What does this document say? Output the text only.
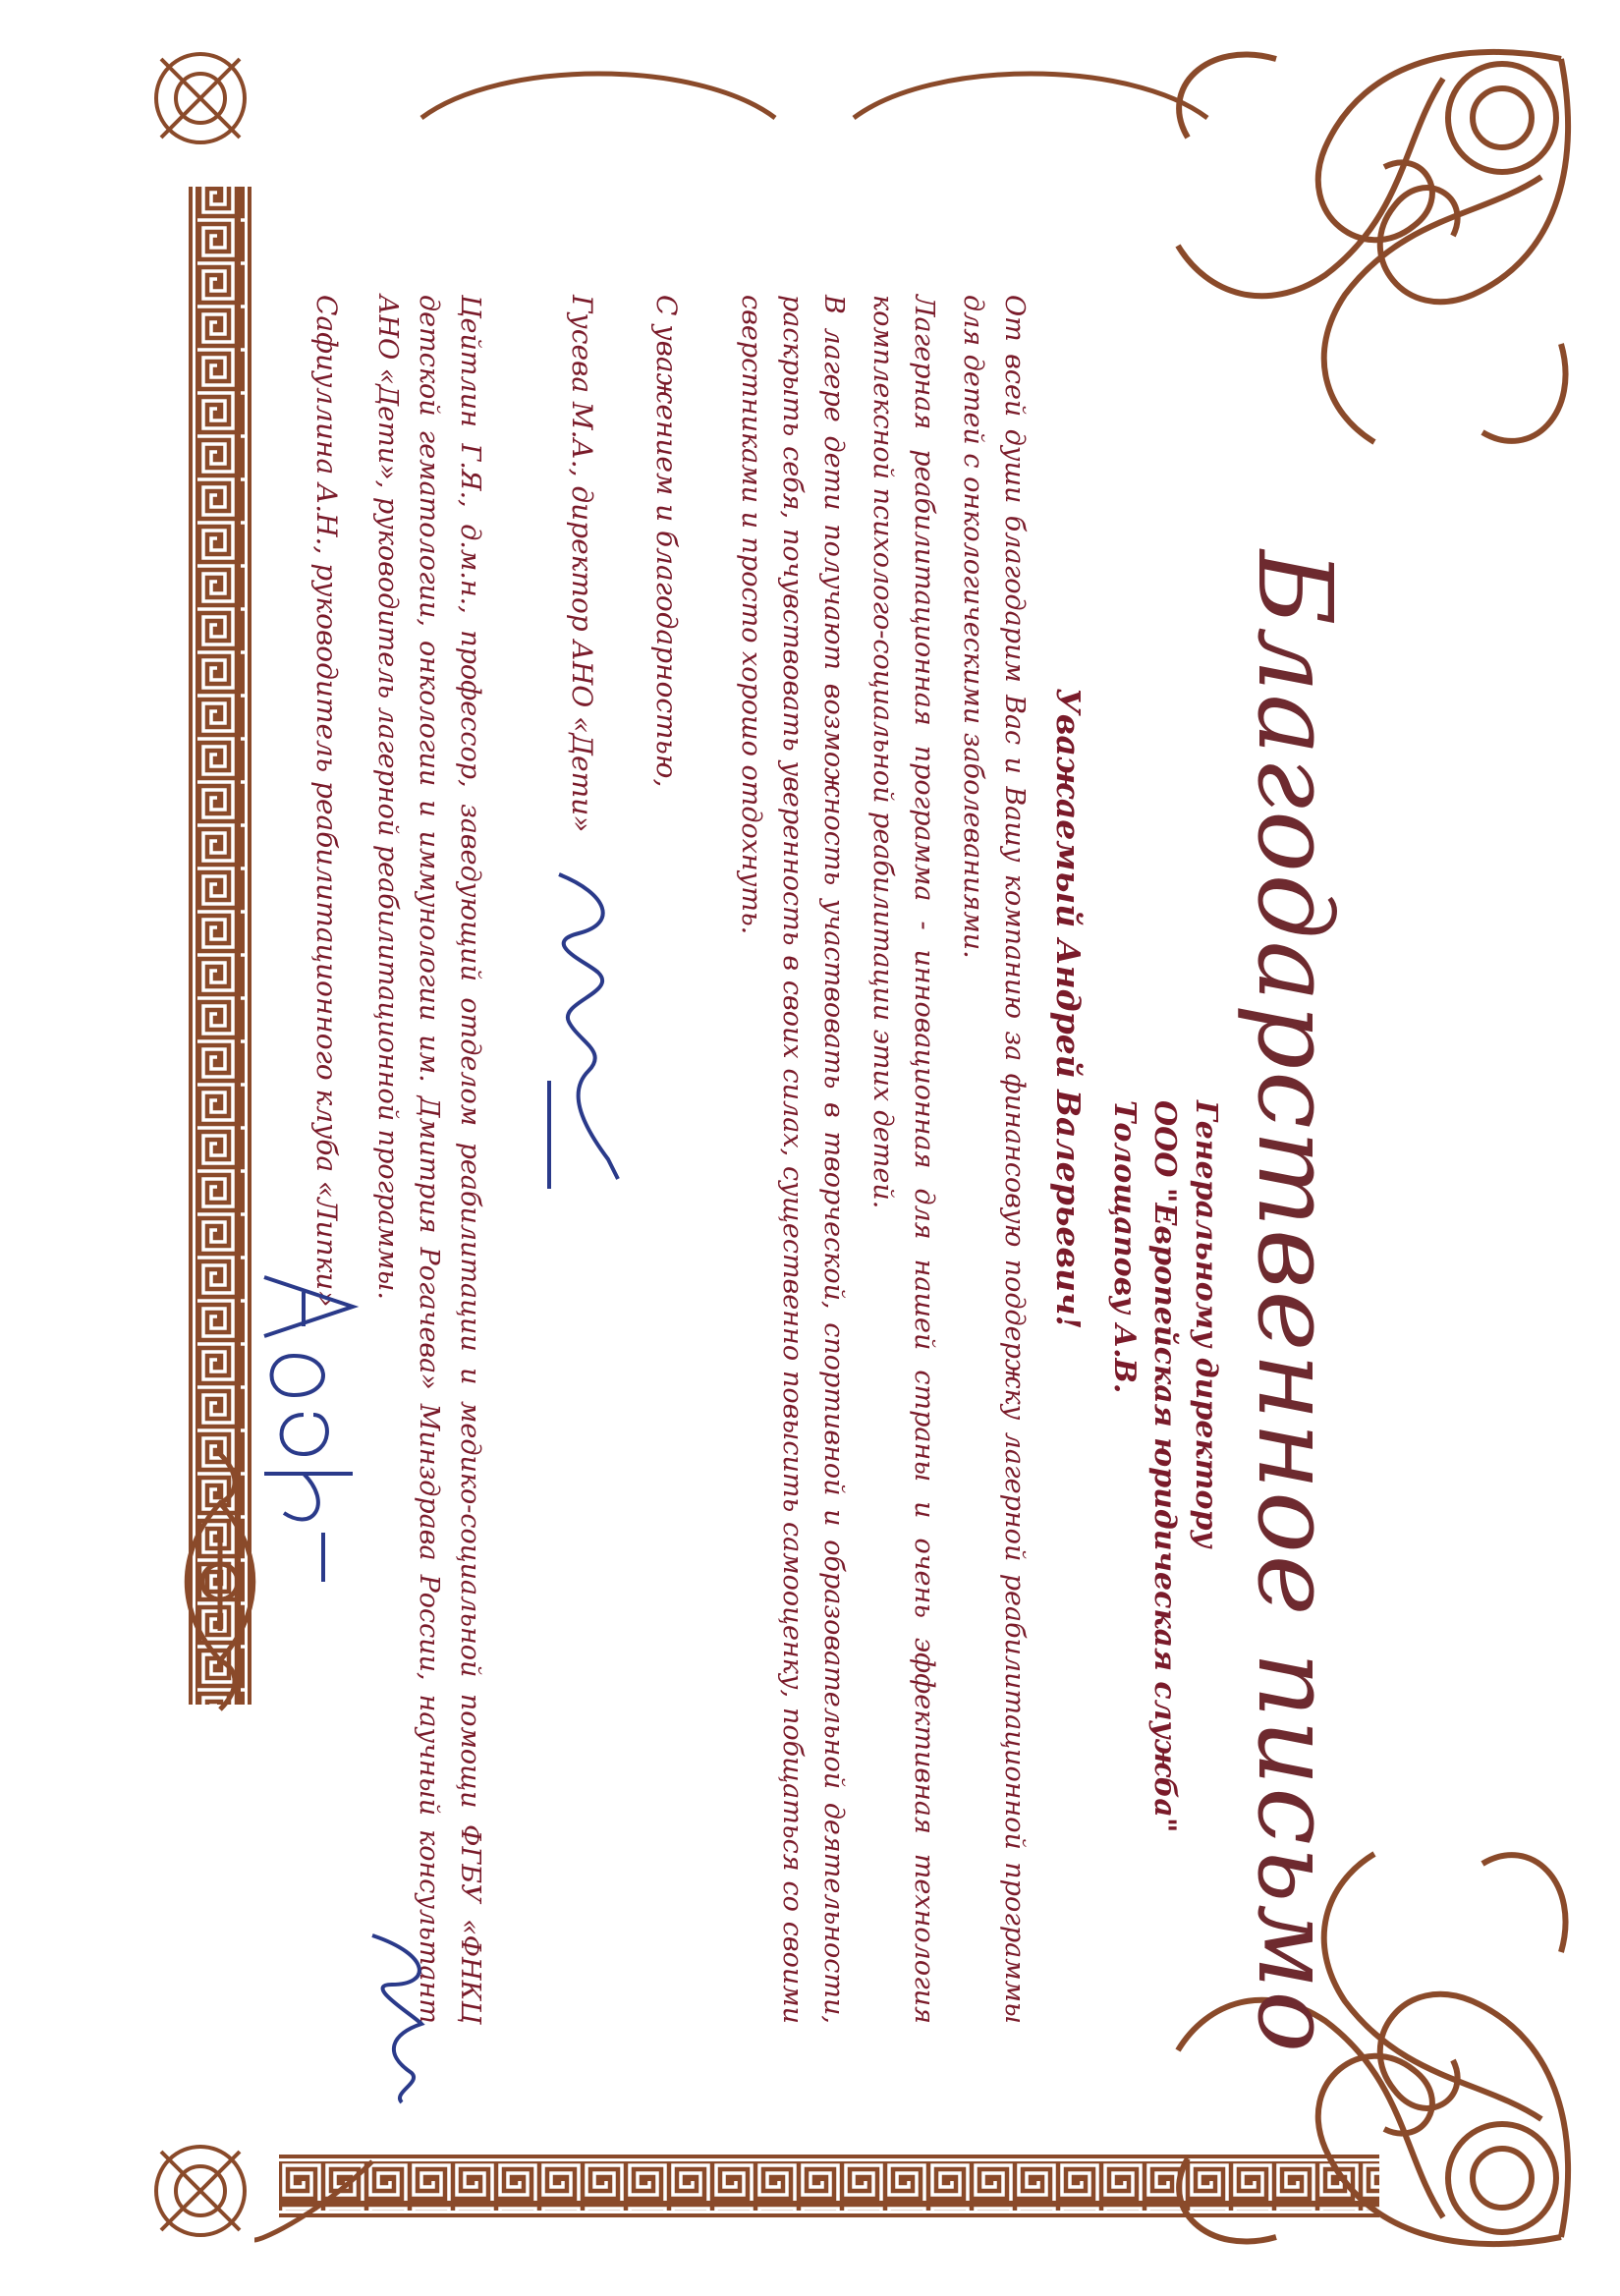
Благодарственное письмо
Генеральному директору
ООО "Европейская юридическая служба"
Толощапову А.В.
Уважаемый Андрей Валерьевич!
От всей души благодарим Вас и Вашу компанию за финансовую поддержку лагерной реабилитационной программы для детей с онкологическими заболеваниями.
Лагерная реабилитационная программа - инновационная для нашей страны и очень эффективная технология комплексной психолого-социальной реабилитации этих детей.
В лагере дети получают возможность участвовать в творческой, спортивной и образовательной деятельности, раскрыть себя, почувствовать уверенность в своих силах, существенно повысить самооценку, побщаться со своими сверстниками и просто хорошо отдохнуть.
С уважением и благодарностью,
Гусева М.А., директор АНО «Дети»
Цейтлин Г.Я., д.м.н., профессор, заведующий отделом реабилитации и медико-социальной помощи ФГБУ «ФНКЦ детской гематологии, онкологии и иммунологии им. Дмитрия Рогачева» Минздрава России, научный консультант АНО «Дети», руководитель лагерной реабилитационной программы.
Сафиуллина А.Н., руководитель реабилитационного клуба «Липки»
